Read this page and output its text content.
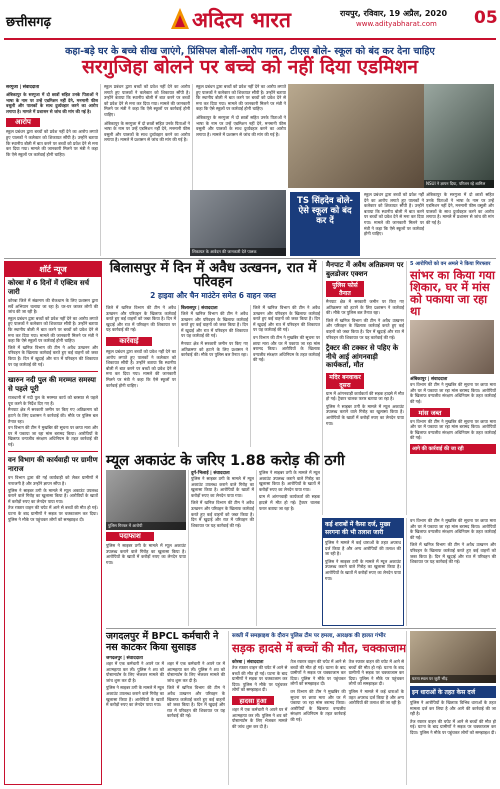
छत्तीसगढ़	अदित्य भारत	रायपुर, रविवार, 19 अप्रैल, 2020
www.adityabharat.com 05
कहा-बड़े घर के बच्चे सीख जाएंगे, प्रिंसिपल बोलीं-आरोप गलत, टीएस बोले- स्कूल को बंद कर देना चाहिए
सरगुजिहा बोलने पर बच्चे को नहीं दिया एडमिशन
सरगुजा | संवाददाता
अंबिकापुर के सरगुजा में दो छात्रों सहित उनके पिताओं ने भाषा के नाम पर उन्हें एडमिशन नहीं देने, मनमानी फीस वसूली और पालकों के साथ दुर्व्यवहार करने का आरोप लगाया है। मामले में प्रशासन से जांच की मांग की गई है।
आरोप
स्कूल प्रबंधन द्वारा बच्चों को प्रवेश नहीं देने का आरोप लगाते हुए पालकों ने कलेक्टर को शिकायत सौंपी है। उन्होंने बताया कि स्थानीय बोली में बात करने पर बच्चों को प्रवेश देने से मना कर दिया गया। मामले की जानकारी मिलने पर मंत्री ने कहा कि ऐसे स्कूलों पर कार्रवाई होनी चाहिए।
स्कूल प्रबंधन द्वारा बच्चों को प्रवेश नहीं देने का आरोप लगाते हुए पालकों ने कलेक्टर को शिकायत सौंपी है। उन्होंने बताया कि स्थानीय बोली में बात करने पर बच्चों को प्रवेश देने से मना कर दिया गया। मामले की जानकारी मिलने पर मंत्री ने कहा कि ऐसे स्कूलों पर कार्रवाई होनी चाहिए।
अंबिकापुर के सरगुजा में दो छात्रों सहित उनके पिताओं ने भाषा के नाम पर उन्हें एडमिशन नहीं देने, मनमानी फीस वसूली और पालकों के साथ दुर्व्यवहार करने का आरोप लगाया है। मामले में प्रशासन से जांच की मांग की गई है।
स्कूल प्रबंधन द्वारा बच्चों को प्रवेश नहीं देने का आरोप लगाते हुए पालकों ने कलेक्टर को शिकायत सौंपी है। उन्होंने बताया कि स्थानीय बोली में बात करने पर बच्चों को प्रवेश देने से मना कर दिया गया। मामले की जानकारी मिलने पर मंत्री ने कहा कि ऐसे स्कूलों पर कार्रवाई होनी चाहिए।
अंबिकापुर के सरगुजा में दो छात्रों सहित उनके पिताओं ने भाषा के नाम पर उन्हें एडमिशन नहीं देने, मनमानी फीस वसूली और पालकों के साथ दुर्व्यवहार करने का आरोप लगाया है। मामले में प्रशासन से जांच की मांग की गई है।
शिकायत के आवेदन की जानकारी देते पालक
TS सिंहदेव बोले- ऐसे स्कूल को बंद कर दें
NSUI ने ज्ञापन दिया, परिजन रहे शामिल
स्कूल प्रबंधन द्वारा बच्चों को प्रवेश नहीं देने का आरोप लगाते हुए पालकों ने कलेक्टर को शिकायत सौंपी है। उन्होंने बताया कि स्थानीय बोली में बात करने पर बच्चों को प्रवेश देने से मना कर दिया गया। मामले की जानकारी मिलने पर मंत्री ने कहा कि ऐसे स्कूलों पर कार्रवाई होनी चाहिए।
अंबिकापुर के सरगुजा में दो छात्रों सहित उनके पिताओं ने भाषा के नाम पर उन्हें एडमिशन नहीं देने, मनमानी फीस वसूली और पालकों के साथ दुर्व्यवहार करने का आरोप लगाया है। मामले में प्रशासन से जांच की मांग की गई है।
शॉर्ट न्यूज
कोरबा में 6 दिनों में एक्टिव सर्च जारी
कोरबा जिले में संक्रमण की रोकथाम के लिए प्रशासन द्वारा सर्वे अभियान चलाया जा रहा है। घर-घर जाकर लोगों की जांच की जा रही है।
स्कूल प्रबंधन द्वारा बच्चों को प्रवेश नहीं देने का आरोप लगाते हुए पालकों ने कलेक्टर को शिकायत सौंपी है। उन्होंने बताया कि स्थानीय बोली में बात करने पर बच्चों को प्रवेश देने से मना कर दिया गया। मामले की जानकारी मिलने पर मंत्री ने कहा कि ऐसे स्कूलों पर कार्रवाई होनी चाहिए।
जिले में खनिज विभाग की टीम ने अवैध उत्खनन और परिवहन के खिलाफ कार्रवाई करते हुए कई वाहनों को जब्त किया है। दिन में खुदाई और रात में परिवहन की शिकायत पर यह कार्रवाई की गई।
खारुन नदी पुल की मरम्मत समस्या से पहले पूरी
राजधानी में नदी पुल के मरम्मत कार्य को बरसात से पहले पूरा करने के निर्देश दिए गए हैं।
मैनपाट क्षेत्र में सरकारी जमीन पर किए गए अतिक्रमण को हटाने के लिए प्रशासन ने कार्रवाई की। मौके पर पुलिस बल तैनात रहा।
वन विभाग की टीम ने मुखबिर की सूचना पर छापा मारा और घर में पकाया जा रहा मांस बरामद किया। आरोपियों के खिलाफ वन्यजीव संरक्षण अधिनियम के तहत कार्रवाई की गई।
वन विभाग की कार्यवाही पर ग्रामीण नाराज
वन विभाग द्वारा की गई कार्यवाही को लेकर ग्रामीणों में नाराजगी है और उन्होंने ज्ञापन सौंपा है।
पुलिस ने साइबर ठगी के मामले में म्यूल अकाउंट उपलब्ध कराने वाले गिरोह का खुलासा किया है। आरोपियों के खातों में करोड़ों रुपए का लेनदेन पाया गया।
तेज रफ्तार वाहन की चपेट में आने से बच्चों की मौत हो गई। घटना के बाद ग्रामीणों ने सड़क पर चक्काजाम कर दिया। पुलिस ने मौके पर पहुंचकर लोगों को समझाइश दी।
बिलासपुर में दिन में अवैध उत्खनन, रात में परिवहन
2 हाइवा और चैन माउंटेन समेत 6 वाहन जब्त
जिले में खनिज विभाग की टीम ने अवैध उत्खनन और परिवहन के खिलाफ कार्रवाई करते हुए कई वाहनों को जब्त किया है। दिन में खुदाई और रात में परिवहन की शिकायत पर यह कार्रवाई की गई।
कार्रवाई
स्कूल प्रबंधन द्वारा बच्चों को प्रवेश नहीं देने का आरोप लगाते हुए पालकों ने कलेक्टर को शिकायत सौंपी है। उन्होंने बताया कि स्थानीय बोली में बात करने पर बच्चों को प्रवेश देने से मना कर दिया गया। मामले की जानकारी मिलने पर मंत्री ने कहा कि ऐसे स्कूलों पर कार्रवाई होनी चाहिए।
बिलासपुर | संवाददाता
जिले में खनिज विभाग की टीम ने अवैध उत्खनन और परिवहन के खिलाफ कार्रवाई करते हुए कई वाहनों को जब्त किया है। दिन में खुदाई और रात में परिवहन की शिकायत पर यह कार्रवाई की गई।
मैनपाट क्षेत्र में सरकारी जमीन पर किए गए अतिक्रमण को हटाने के लिए प्रशासन ने कार्रवाई की। मौके पर पुलिस बल तैनात रहा।
जिले में खनिज विभाग की टीम ने अवैध उत्खनन और परिवहन के खिलाफ कार्रवाई करते हुए कई वाहनों को जब्त किया है। दिन में खुदाई और रात में परिवहन की शिकायत पर यह कार्रवाई की गई।
वन विभाग की टीम ने मुखबिर की सूचना पर छापा मारा और घर में पकाया जा रहा मांस बरामद किया। आरोपियों के खिलाफ वन्यजीव संरक्षण अधिनियम के तहत कार्रवाई की गई।
मैनपाट में अवैध अतिक्रमण पर बुलडोजर एक्शन
पुलिस फोर्स तैनात
मैनपाट क्षेत्र में सरकारी जमीन पर किए गए अतिक्रमण को हटाने के लिए प्रशासन ने कार्रवाई की। मौके पर पुलिस बल तैनात रहा।
जिले में खनिज विभाग की टीम ने अवैध उत्खनन और परिवहन के खिलाफ कार्रवाई करते हुए कई वाहनों को जब्त किया है। दिन में खुदाई और रात में परिवहन की शिकायत पर यह कार्रवाई की गई।
ट्रैक्टर की टक्कर से पहिए के नीचे आई आंगनवाड़ी कार्यकर्ता, मौत
मदिर बनवाकर दूसरा
ग्राम में आंगनवाड़ी कार्यकर्ता की सड़क हादसे में मौत हो गई। ट्रैक्टर चालक फरार बताया जा रहा है।
पुलिस ने साइबर ठगी के मामले में म्यूल अकाउंट उपलब्ध कराने वाले गिरोह का खुलासा किया है। आरोपियों के खातों में करोड़ों रुपए का लेनदेन पाया गया।
5 आरोपियों को वन अमले ने किया गिरफ्तार
सांभर का किया गया शिकार, घर में मांस को पकाया जा रहा था
अंबिकापुर | संवाददाता
वन विभाग की टीम ने मुखबिर की सूचना पर छापा मारा और घर में पकाया जा रहा मांस बरामद किया। आरोपियों के खिलाफ वन्यजीव संरक्षण अधिनियम के तहत कार्रवाई की गई।
मांस जब्त
वन विभाग की टीम ने मुखबिर की सूचना पर छापा मारा और घर में पकाया जा रहा मांस बरामद किया। आरोपियों के खिलाफ वन्यजीव संरक्षण अधिनियम के तहत कार्रवाई की गई।
आगे की कार्रवाई की जा रही
म्यूल अकाउंट के जरिए 1.88 करोड़ की ठगी
पुलिस गिरफ्त में आरोपी
पदाफाश
पुलिस ने साइबर ठगी के मामले में म्यूल अकाउंट उपलब्ध कराने वाले गिरोह का खुलासा किया है। आरोपियों के खातों में करोड़ों रुपए का लेनदेन पाया गया।
दुर्ग-भिलाई | संवाददाता
पुलिस ने साइबर ठगी के मामले में म्यूल अकाउंट उपलब्ध कराने वाले गिरोह का खुलासा किया है। आरोपियों के खातों में करोड़ों रुपए का लेनदेन पाया गया।
जिले में खनिज विभाग की टीम ने अवैध उत्खनन और परिवहन के खिलाफ कार्रवाई करते हुए कई वाहनों को जब्त किया है। दिन में खुदाई और रात में परिवहन की शिकायत पर यह कार्रवाई की गई।
पुलिस ने साइबर ठगी के मामले में म्यूल अकाउंट उपलब्ध कराने वाले गिरोह का खुलासा किया है। आरोपियों के खातों में करोड़ों रुपए का लेनदेन पाया गया।
ग्राम में आंगनवाड़ी कार्यकर्ता की सड़क हादसे में मौत हो गई। ट्रैक्टर चालक फरार बताया जा रहा है।
कई शराबों में कैसा दर्ज, मुख्य सरगना की भी तलाश जारी
पुलिस ने मामले में कई धाराओं के तहत अपराध दर्ज किया है और अन्य आरोपियों की तलाश की जा रही है।
पुलिस ने साइबर ठगी के मामले में म्यूल अकाउंट उपलब्ध कराने वाले गिरोह का खुलासा किया है। आरोपियों के खातों में करोड़ों रुपए का लेनदेन पाया गया।
वन विभाग की टीम ने मुखबिर की सूचना पर छापा मारा और घर में पकाया जा रहा मांस बरामद किया। आरोपियों के खिलाफ वन्यजीव संरक्षण अधिनियम के तहत कार्रवाई की गई।
जिले में खनिज विभाग की टीम ने अवैध उत्खनन और परिवहन के खिलाफ कार्रवाई करते हुए कई वाहनों को जब्त किया है। दिन में खुदाई और रात में परिवहन की शिकायत पर यह कार्रवाई की गई।
जगदलपुर में BPCL कर्मचारी ने नस काटकर किया सुसाइड
जगदलपुर | संवाददाता
शहर में एक कर्मचारी ने अपने घर में आत्महत्या कर ली। पुलिस ने शव को पोस्टमार्टम के लिए भेजकर मामले की जांच शुरू कर दी है।
पुलिस ने साइबर ठगी के मामले में म्यूल अकाउंट उपलब्ध कराने वाले गिरोह का खुलासा किया है। आरोपियों के खातों में करोड़ों रुपए का लेनदेन पाया गया।
शहर में एक कर्मचारी ने अपने घर में आत्महत्या कर ली। पुलिस ने शव को पोस्टमार्टम के लिए भेजकर मामले की जांच शुरू कर दी है।
जिले में खनिज विभाग की टीम ने अवैध उत्खनन और परिवहन के खिलाफ कार्रवाई करते हुए कई वाहनों को जब्त किया है। दिन में खुदाई और रात में परिवहन की शिकायत पर यह कार्रवाई की गई।
सक्ती में समझाइश के दौरान पुलिस टीम पर हमला, आरक्षक की हालत गंभीर
सड़क हादसे में बच्चों की मौत, चक्काजाम
कोरबा | संवाददाता
तेज रफ्तार वाहन की चपेट में आने से बच्चों की मौत हो गई। घटना के बाद ग्रामीणों ने सड़क पर चक्काजाम कर दिया। पुलिस ने मौके पर पहुंचकर लोगों को समझाइश दी।
हादसा हुआ
शहर में एक कर्मचारी ने अपने घर में आत्महत्या कर ली। पुलिस ने शव को पोस्टमार्टम के लिए भेजकर मामले की जांच शुरू कर दी है।
तेज रफ्तार वाहन की चपेट में आने से बच्चों की मौत हो गई। घटना के बाद ग्रामीणों ने सड़क पर चक्काजाम कर दिया। पुलिस ने मौके पर पहुंचकर लोगों को समझाइश दी।
वन विभाग की टीम ने मुखबिर की सूचना पर छापा मारा और घर में पकाया जा रहा मांस बरामद किया। आरोपियों के खिलाफ वन्यजीव संरक्षण अधिनियम के तहत कार्रवाई की गई।
तेज रफ्तार वाहन की चपेट में आने से बच्चों की मौत हो गई। घटना के बाद ग्रामीणों ने सड़क पर चक्काजाम कर दिया। पुलिस ने मौके पर पहुंचकर लोगों को समझाइश दी।
पुलिस ने मामले में कई धाराओं के तहत अपराध दर्ज किया है और अन्य आरोपियों की तलाश की जा रही है।
घटना स्थल पर जुटी भीड़
इन धाराओं के तहत केस दर्ज
पुलिस ने आरोपियों के खिलाफ विभिन्न धाराओं के तहत मामला दर्ज कर लिया है और आगे की कार्रवाई की जा रही है।
तेज रफ्तार वाहन की चपेट में आने से बच्चों की मौत हो गई। घटना के बाद ग्रामीणों ने सड़क पर चक्काजाम कर दिया। पुलिस ने मौके पर पहुंचकर लोगों को समझाइश दी।
